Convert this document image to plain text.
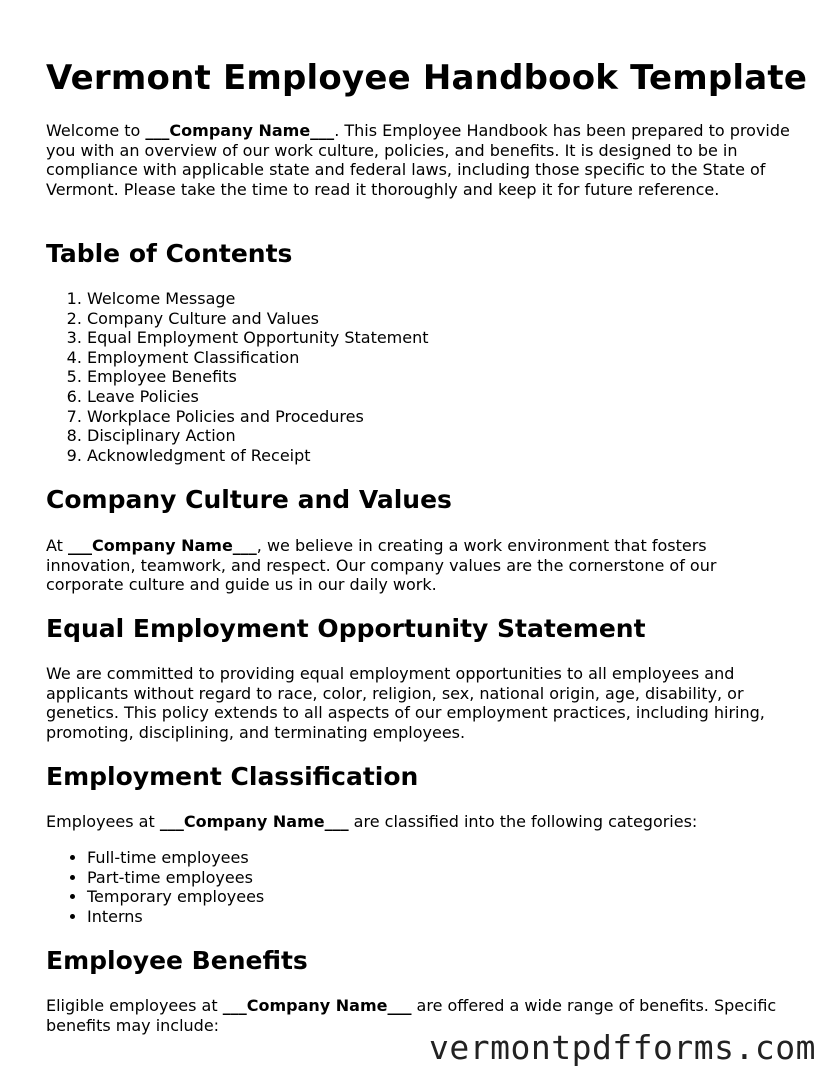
Vermont Employee Handbook Template

Welcome to ___Company Name___. This Employee Handbook has been prepared to provide you with an overview of our work culture, policies, and benefits. It is designed to be in compliance with applicable state and federal laws, including those specific to the State of Vermont. Please take the time to read it thoroughly and keep it for future reference.

Table of Contents
1. Welcome Message
2. Company Culture and Values
3. Equal Employment Opportunity Statement
4. Employment Classification
5. Employee Benefits
6. Leave Policies
7. Workplace Policies and Procedures
8. Disciplinary Action
9. Acknowledgment of Receipt
Company Culture and Values

At ___Company Name___, we believe in creating a work environment that fosters innovation, teamwork, and respect. Our company values are the cornerstone of our corporate culture and guide us in our daily work.

Equal Employment Opportunity Statement

We are committed to providing equal employment opportunities to all employees and applicants without regard to race, color, religion, sex, national origin, age, disability, or genetics. This policy extends to all aspects of our employment practices, including hiring, promoting, disciplining, and terminating employees.

Employment Classification

Employees at ___Company Name___ are classified into the following categories:

• Full-time employees
• Part-time employees
• Temporary employees
• Interns
Employee Benefits

Eligible employees at ___Company Name___ are offered a wide range of benefits. Specific benefits may include:

vermontpdfforms.com
